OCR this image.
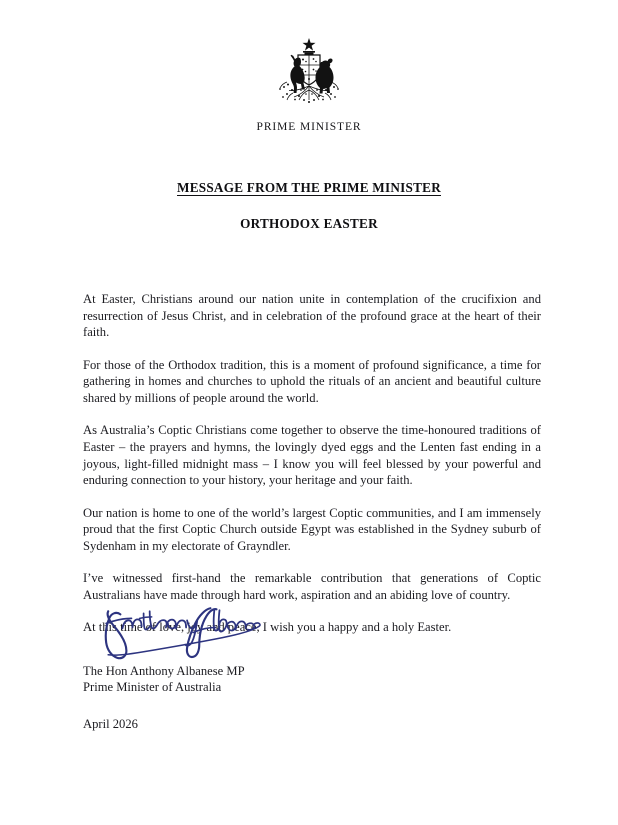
PRIME MINISTER
MESSAGE FROM THE PRIME MINISTER
ORTHODOX EASTER

At Easter, Christians around our nation unite in contemplation of the crucifixion and resurrection of Jesus Christ, and in celebration of the profound grace at the heart of their faith.

For those of the Orthodox tradition, this is a moment of profound significance, a time for gathering in homes and churches to uphold the rituals of an ancient and beautiful culture shared by millions of people around the world.

As Australia’s Coptic Christians come together to observe the time-honoured traditions of Easter – the prayers and hymns, the lovingly dyed eggs and the Lenten fast ending in a joyous, light-filled midnight mass – I know you will feel blessed by your powerful and enduring connection to your history, your heritage and your faith.

Our nation is home to one of the world’s largest Coptic communities, and I am immensely proud that the first Coptic Church outside Egypt was established in the Sydney suburb of Sydenham in my electorate of Grayndler.

I’ve witnessed first-hand the remarkable contribution that generations of Coptic Australians have made through hard work, aspiration and an abiding love of country.

At this time of love, joy and peace, I wish you a happy and a holy Easter.

The Hon Anthony Albanese MP
Prime Minister of Australia
April 2026
